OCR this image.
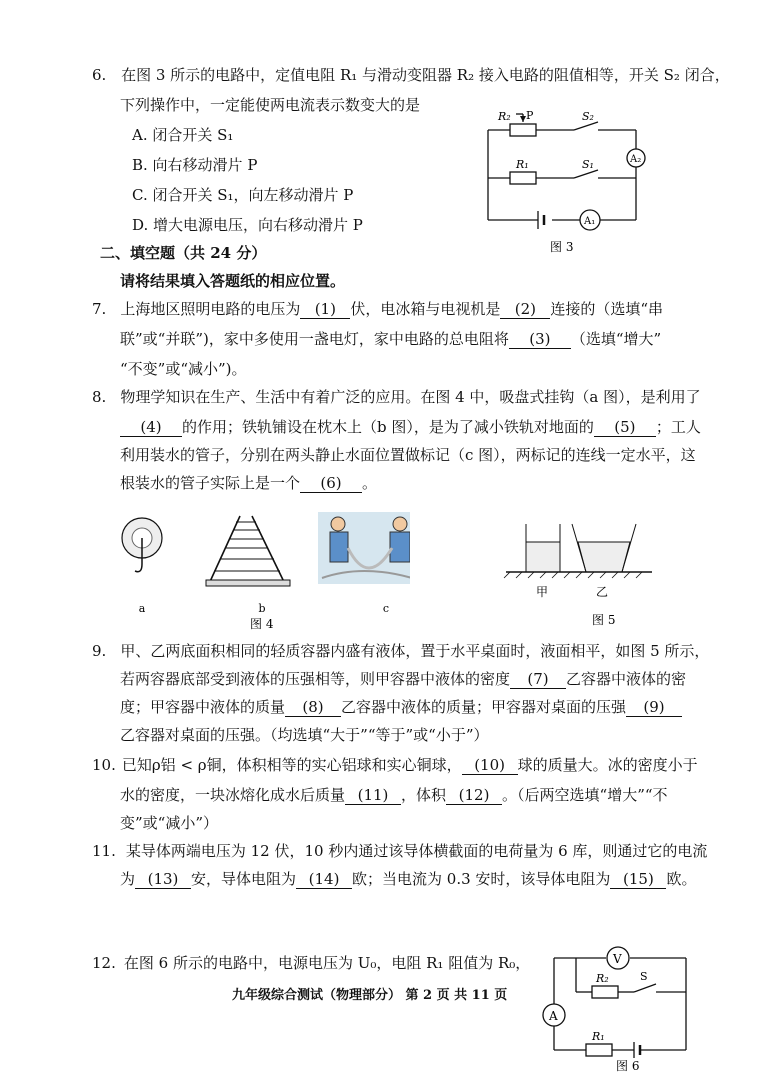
6. 在图 3 所示的电路中，定值电阻 R₁ 与滑动变阻器 R₂ 接入电路的阻值相等，开关 S₂ 闭合，
下列操作中，一定能使两电流表示数变大的是
A. 闭合开关 S₁
B. 向右移动滑片 P
C. 闭合开关 S₁，向左移动滑片 P
D. 增大电源电压，向右移动滑片 P
R₂ P	S₂
R₁	S₁	A₂
A₁
图 3
二、填空题（共 24 分）
请将结果填入答题纸的相应位置。
7. 上海地区照明电路的电压为 (1) 伏，电冰箱与电视机是 (2) 连接的（选填“串
联”或“并联”)，家中多使用一盏电灯，家中电路的总电阻将 (3) （选填“增大”
“不变”或“减小”)。
8. 物理学知识在生产、生活中有着广泛的应用。在图 4 中，吸盘式挂钩（a 图），是利用了
(4) 的作用；铁轨铺设在枕木上（b 图），是为了减小铁轨对地面的 (5) ；工人
利用装水的管子，分别在两头静止水面位置做标记（c 图），两标记的连线一定水平，这
根装水的管子实际上是一个 (6) 。
a	b	c
图 4
甲	乙
图 5
9. 甲、乙两底面积相同的轻质容器内盛有液体，置于水平桌面时，液面相平，如图 5 所示，
若两容器底部受到液体的压强相等，则甲容器中液体的密度 (7) 乙容器中液体的密
度；甲容器中液体的质量 (8) 乙容器中液体的质量；甲容器对桌面的压强 (9)
乙容器对桌面的压强。（均选填“大于”“等于”或“小于”）
10. 已知ρ铝 < ρ铜，体积相等的实心铝球和实心铜球， (10) 球的质量大。冰的密度小于
水的密度，一块冰熔化成水后质量 (11) ，体积 (12) 。（后两空选填“增大”“不
变”或“减小”）
11. 某导体两端电压为 12 伏，10 秒内通过该导体横截面的电荷量为 6 库，则通过它的电流
为 (13) 安，导体电阻为 (14) 欧；当电流为 0.3 安时，该导体电阻为 (15) 欧。
12. 在图 6 所示的电路中，电源电压为 U₀，电阻 R₁ 阻值为 R₀，	V
A
R₂	S
R₁
图 6
九年级综合测试（物理部分） 第 2 页 共 11 页
